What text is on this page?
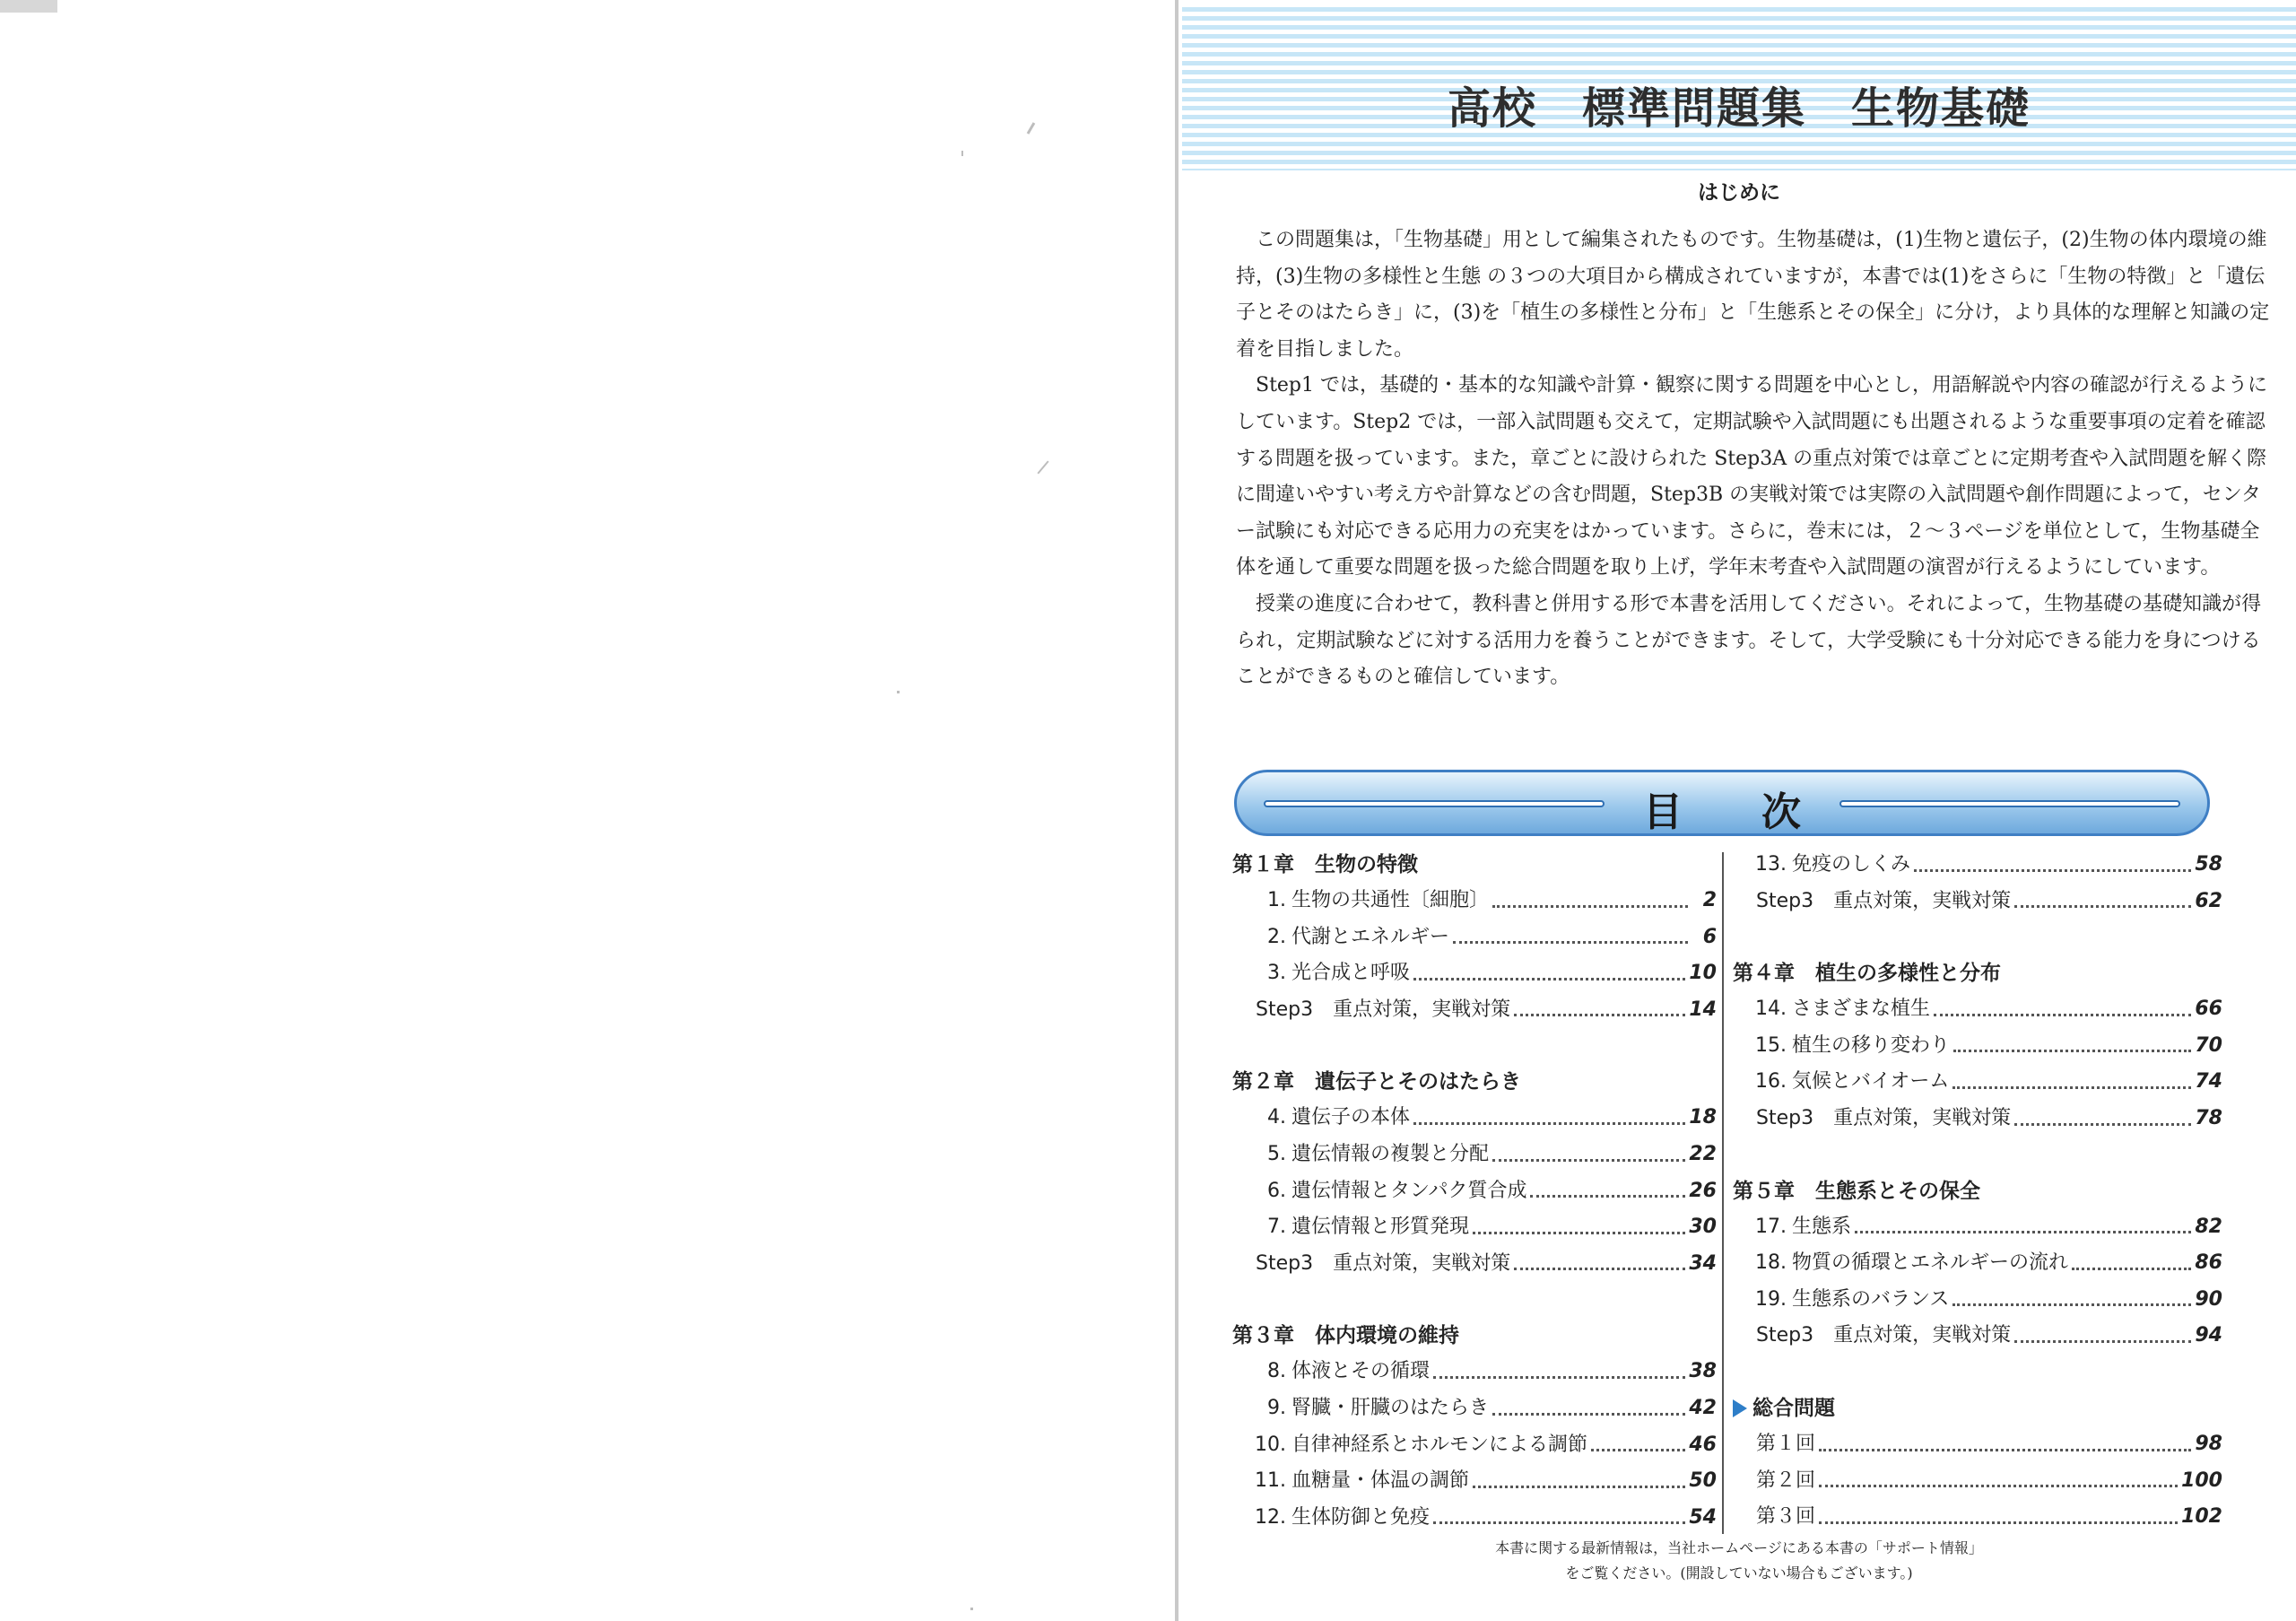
高校　標準問題集　生物基礎
はじめに

この問題集は，「生物基礎」用として編集されたものです。生物基礎は，(1)生物と遺伝子，(2)生物の体内環境の維持，(3)生物の多様性と生態 の３つの大項目から構成されていますが，本書では(1)をさらに「生物の特徴」と「遺伝子とそのはたらき」に，(3)を「植生の多様性と分布」と「生態系とその保全」に分け，より具体的な理解と知識の定着を目指しました。

Step1 では，基礎的・基本的な知識や計算・観察に関する問題を中心とし，用語解説や内容の確認が行えるようにしています。Step2 では，一部入試問題も交えて，定期試験や入試問題にも出題されるような重要事項の定着を確認する問題を扱っています。また，章ごとに設けられた Step3A の重点対策では章ごとに定期考査や入試問題を解く際に間違いやすい考え方や計算などの含む問題，Step3B の実戦対策では実際の入試問題や創作問題によって，センター試験にも対応できる応用力の充実をはかっています。さらに，巻末には，２～３ページを単位として，生物基礎全体を通して重要な問題を扱った総合問題を取り上げ，学年末考査や入試問題の演習が行えるようにしています。

授業の進度に合わせて，教科書と併用する形で本書を活用してください。それによって，生物基礎の基礎知識が得られ，定期試験などに対する活用力を養うことができます。そして，大学受験にも十分対応できる能力を身につけることができるものと確信しています。

目　　次
第１章　生物の特徴
1. 生物の共通性〔細胞〕	2
2. 代謝とエネルギー	6
3. 光合成と呼吸	10
Step3　重点対策，実戦対策	14
第２章　遺伝子とそのはたらき
4. 遺伝子の本体	18
5. 遺伝情報の複製と分配	22
6. 遺伝情報とタンパク質合成	26
7. 遺伝情報と形質発現	30
Step3　重点対策，実戦対策	34
第３章　体内環境の維持
8. 体液とその循環	38
9. 腎臓・肝臓のはたらき	42
10. 自律神経系とホルモンによる調節	46
11. 血糖量・体温の調節	50
12. 生体防御と免疫	54
13. 免疫のしくみ	58
Step3　重点対策，実戦対策	62
第４章　植生の多様性と分布
14. さまざまな植生	66
15. 植生の移り変わり	70
16. 気候とバイオーム	74
Step3　重点対策，実戦対策	78
第５章　生態系とその保全
17. 生態系	82
18. 物質の循環とエネルギーの流れ	86
19. 生態系のバランス	90
Step3　重点対策，実戦対策	94
総合問題
第１回	98
第２回	100
第３回	102
本書に関する最新情報は，当社ホームページにある本書の「サポート情報」
をご覧ください。(開設していない場合もございます。)
